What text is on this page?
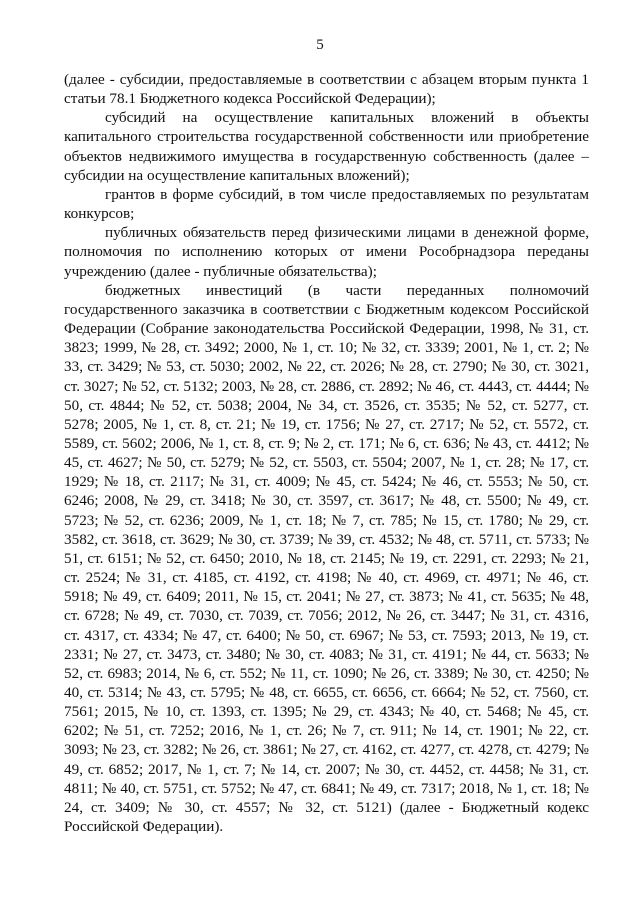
5

(далее - субсидии, предоставляемые в соответствии с абзацем вторым пункта 1 статьи 78.1 Бюджетного кодекса Российской Федерации);

субсидий на осуществление капитальных вложений в объекты капитального строительства государственной собственности или приобретение объектов недвижимого имущества в государственную собственность (далее – субсидии на осуществление капитальных вложений);

грантов в форме субсидий, в том числе предоставляемых по результатам конкурсов;

публичных обязательств перед физическими лицами в денежной форме, полномочия по исполнению которых от имени Рособрнадзора переданы учреждению (далее - публичные обязательства);

бюджетных инвестиций (в части переданных полномочий государственного заказчика в соответствии с Бюджетным кодексом Российской Федерации (Собрание законодательства Российской Федерации, 1998, № 31, ст. 3823; 1999, № 28, ст. 3492; 2000, № 1, ст. 10; № 32, ст. 3339; 2001, № 1, ст. 2; № 33, ст. 3429; № 53, ст. 5030; 2002, № 22, ст. 2026; № 28, ст. 2790; № 30, ст. 3021, ст. 3027; № 52, ст. 5132; 2003, № 28, ст. 2886, ст. 2892; № 46, ст. 4443, ст. 4444; № 50, ст. 4844; № 52, ст. 5038; 2004, № 34, ст. 3526, ст. 3535; № 52, ст. 5277, ст. 5278; 2005, № 1, ст. 8, ст. 21; № 19, ст. 1756; № 27, ст. 2717; № 52, ст. 5572, ст. 5589, ст. 5602; 2006, № 1, ст. 8, ст. 9; № 2, ст. 171; № 6, ст. 636; № 43, ст. 4412; № 45, ст. 4627; № 50, ст. 5279; № 52, ст. 5503, ст. 5504; 2007, № 1, ст. 28; № 17, ст. 1929; № 18, ст. 2117; № 31, ст. 4009; № 45, ст. 5424; № 46, ст. 5553; № 50, ст. 6246; 2008, № 29, ст. 3418; № 30, ст. 3597, ст. 3617; № 48, ст. 5500; № 49, ст. 5723; № 52, ст. 6236; 2009, № 1, ст. 18; № 7, ст. 785; № 15, ст. 1780; № 29, ст. 3582, ст. 3618, ст. 3629; № 30, ст. 3739; № 39, ст. 4532; № 48, ст. 5711, ст. 5733; № 51, ст. 6151; № 52, ст. 6450; 2010, № 18, ст. 2145; № 19, ст. 2291, ст. 2293; № 21, ст. 2524; № 31, ст. 4185, ст. 4192, ст. 4198; № 40, ст. 4969, ст. 4971; № 46, ст. 5918; № 49, ст. 6409; 2011, № 15, ст. 2041; № 27, ст. 3873; № 41, ст. 5635; № 48, ст. 6728; № 49, ст. 7030, ст. 7039, ст. 7056; 2012, № 26, ст. 3447; № 31, ст. 4316, ст. 4317, ст. 4334; № 47, ст. 6400; № 50, ст. 6967; № 53, ст. 7593; 2013, № 19, ст. 2331; № 27, ст. 3473, ст. 3480; № 30, ст. 4083; № 31, ст. 4191; № 44, ст. 5633; № 52, ст. 6983; 2014, № 6, ст. 552; № 11, ст. 1090; № 26, ст. 3389; № 30, ст. 4250; № 40, ст. 5314; № 43, ст. 5795; № 48, ст. 6655, ст. 6656, ст. 6664; № 52, ст. 7560, ст. 7561; 2015, № 10, ст. 1393, ст. 1395; № 29, ст. 4343; № 40, ст. 5468; № 45, ст. 6202; № 51, ст. 7252; 2016, № 1, ст. 26; № 7, ст. 911; № 14, ст. 1901; № 22, ст. 3093; № 23, ст. 3282; № 26, ст. 3861; № 27, ст. 4162, ст. 4277, ст. 4278, ст. 4279; № 49, ст. 6852; 2017, № 1, ст. 7; № 14, ст. 2007; № 30, ст. 4452, ст. 4458; № 31, ст. 4811; № 40, ст. 5751, ст. 5752; № 47, ст. 6841; № 49, ст. 7317; 2018, № 1, ст. 18; № 24, ст. 3409; № 30, ст. 4557; № 32, ст. 5121) (далее - Бюджетный кодекс Российской Федерации).
